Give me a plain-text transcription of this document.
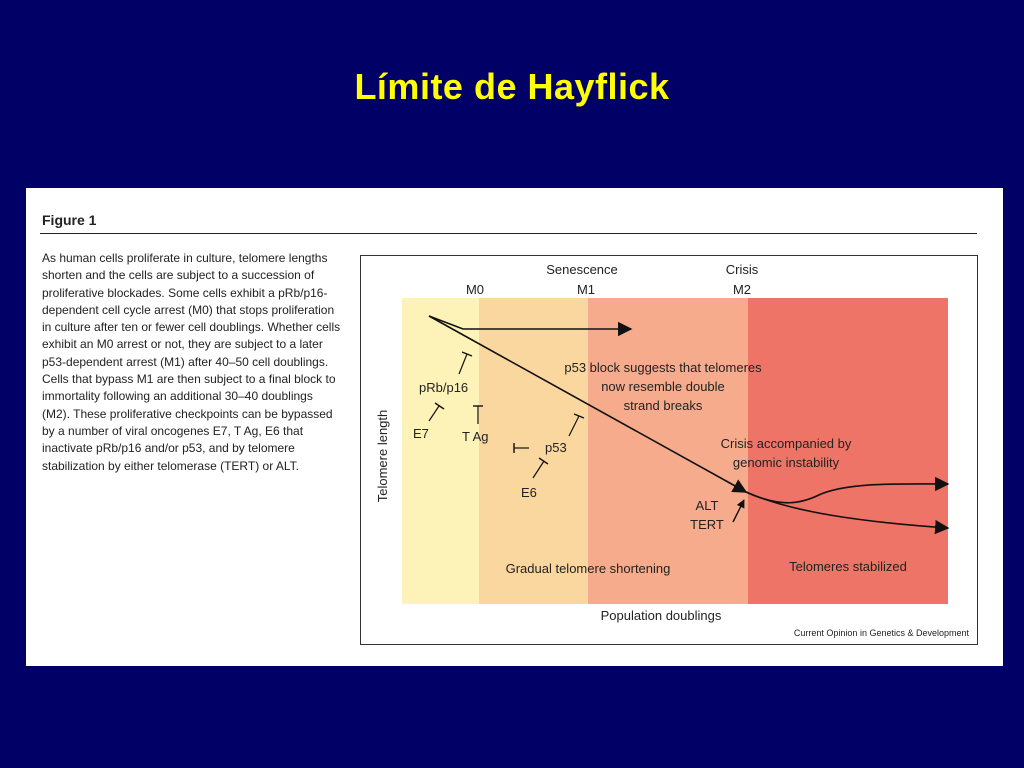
Límite de Hayflick
Figure 1
As human cells proliferate in culture, telomere lengths shorten and the cells are subject to a succession of proliferative blockades. Some cells exhibit a pRb/p16-dependent cell cycle arrest (M0) that stops proliferation in culture after ten or fewer cell doublings. Whether cells exhibit an M0 arrest or not, they are subject to a later p53-dependent arrest (M1) after 40–50 cell doublings. Cells that bypass M1 are then subject to a final block to immortality following an additional 30–40 doublings (M2). These proliferative checkpoints can be bypassed by a number of viral oncogenes E7, T Ag, E6 that inactivate pRb/p16 and/or p53, and by telomere stabilization by either telomerase (TERT) or ALT.
M0
Senescence
M1
Crisis
M2
Telomere length
Population doublings
pRb/p16
E7	T Ag
p53
E6
p53 block suggests that telomeres
now resemble double
strand breaks
Crisis accompanied by
genomic instability
ALT
TERT
Gradual telomere shortening	Telomeres stabilized
Current Opinion in Genetics & Development
